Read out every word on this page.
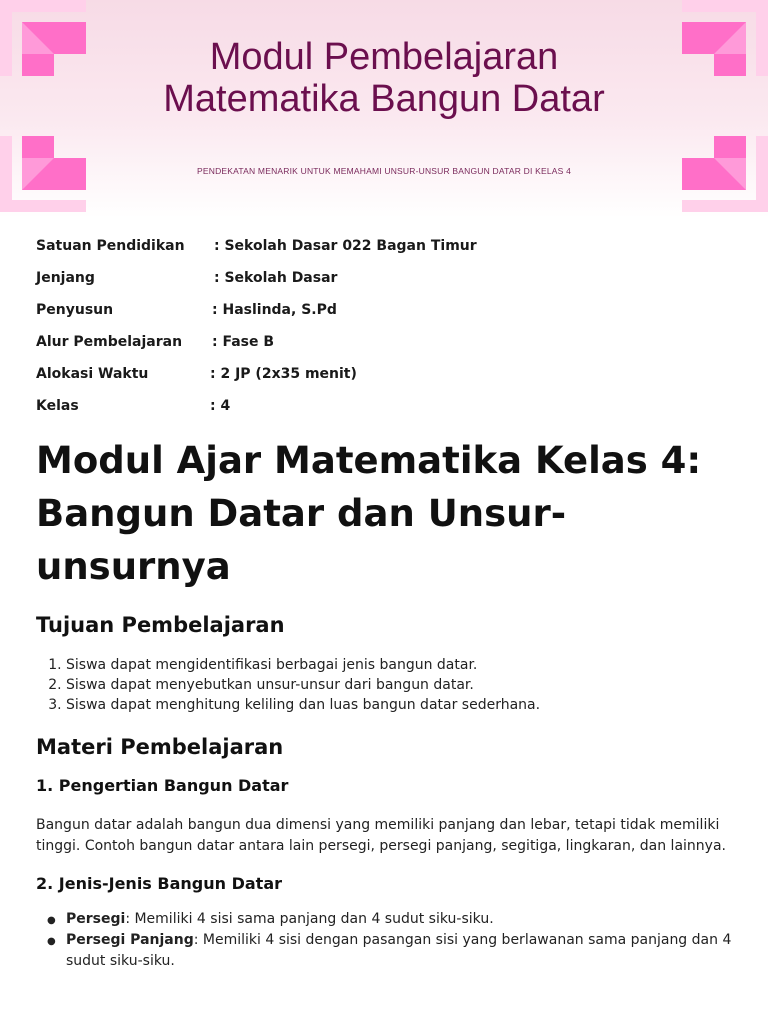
Modul Pembelajaran Matematika Bangun Datar
PENDEKATAN MENARIK UNTUK MEMAHAMI UNSUR-UNSUR BANGUN DATAR DI KELAS 4
Satuan Pendidikan : Sekolah Dasar 022 Bagan Timur
Jenjang	: Sekolah Dasar
Penyusun	: Haslinda, S.Pd
Alur Pembelajaran : Fase B
Alokasi Waktu	: 2 JP (2x35 menit)
Kelas	: 4
Modul Ajar Matematika Kelas 4: Bangun Datar dan Unsur-unsurnya
Tujuan Pembelajaran
1. Siswa dapat mengidentifikasi berbagai jenis bangun datar.
2. Siswa dapat menyebutkan unsur-unsur dari bangun datar.
3. Siswa dapat menghitung keliling dan luas bangun datar sederhana.
Materi Pembelajaran
1. Pengertian Bangun Datar

Bangun datar adalah bangun dua dimensi yang memiliki panjang dan lebar, tetapi tidak memiliki tinggi. Contoh bangun datar antara lain persegi, persegi panjang, segitiga, lingkaran, dan lainnya.

2. Jenis-Jenis Bangun Datar
● Persegi: Memiliki 4 sisi sama panjang dan 4 sudut siku-siku.
● Persegi Panjang: Memiliki 4 sisi dengan pasangan sisi yang berlawanan sama panjang dan 4 sudut siku-siku.
